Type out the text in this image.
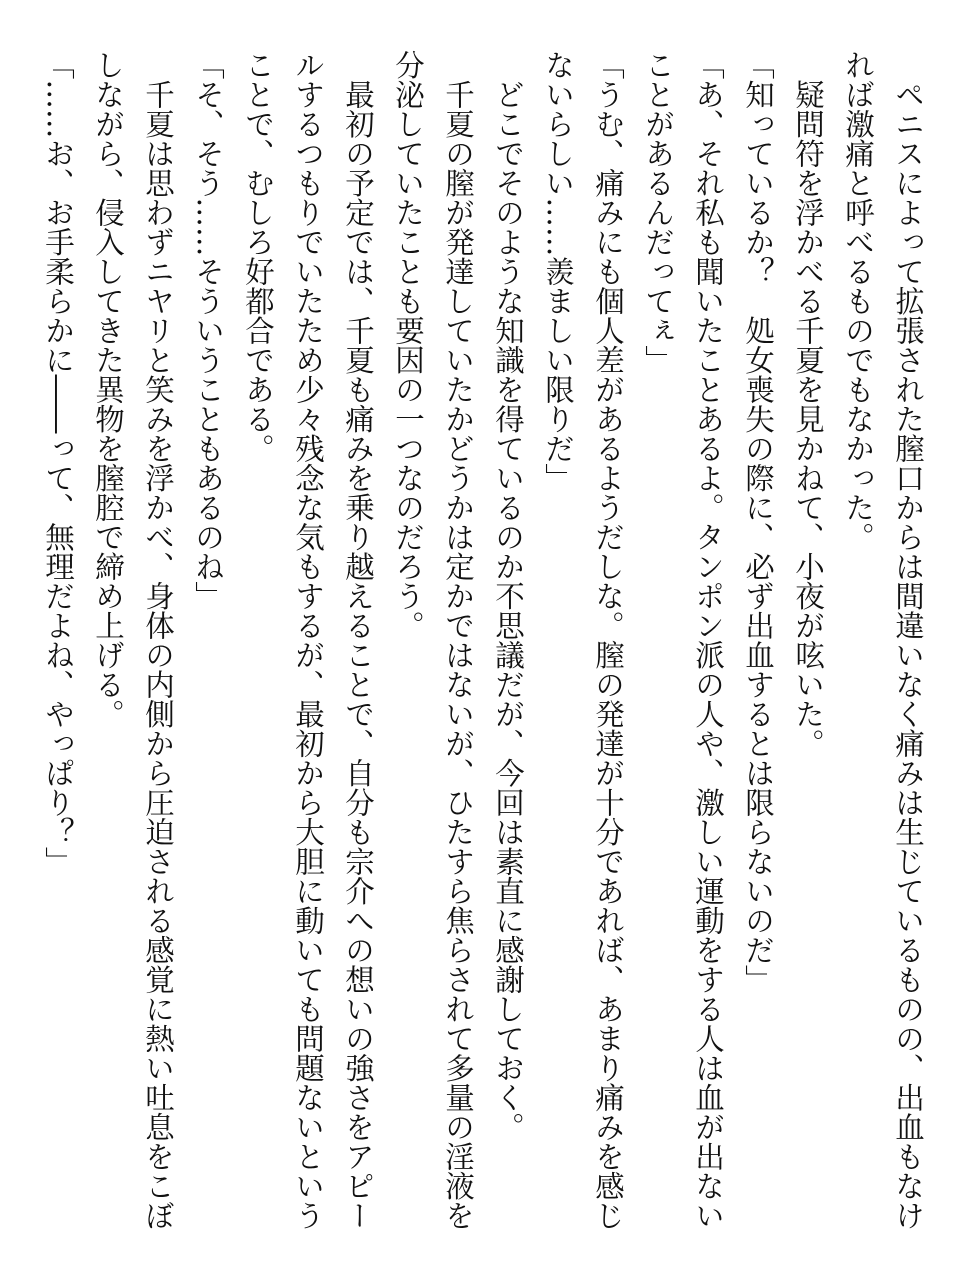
　ペニスによって拡張された膣口からは間違いなく痛みは生じているものの、出血もなけ
れば激痛と呼べるものでもなかった。
　疑問符を浮かべる千夏を見かねて、小夜が呟いた。
「知っているか？　処女喪失の際に、必ず出血するとは限らないのだ」
「あ、それ私も聞いたことあるよ。タンポン派の人や、激しい運動をする人は血が出ない
ことがあるんだってぇ」
「うむ、痛みにも個人差があるようだしな。膣の発達が十分であれば、あまり痛みを感じ
ないらしい……羨ましい限りだ」
　どこでそのような知識を得ているのか不思議だが、今回は素直に感謝しておく。
　千夏の膣が発達していたかどうかは定かではないが、ひたすら焦らされて多量の淫液を
分泌していたことも要因の一つなのだろう。
　最初の予定では、千夏も痛みを乗り越えることで、自分も宗介への想いの強さをアピー
ルするつもりでいたため少々残念な気もするが、最初から大胆に動いても問題ないという
ことで、むしろ好都合である。
「そ、そう……そういうこともあるのね」
　千夏は思わずニヤリと笑みを浮かべ、身体の内側から圧迫される感覚に熱い吐息をこぼ
しながら、侵入してきた異物を膣腔で締め上げる。
「……お、お手柔らかに――って、無理だよね、やっぱり？」
